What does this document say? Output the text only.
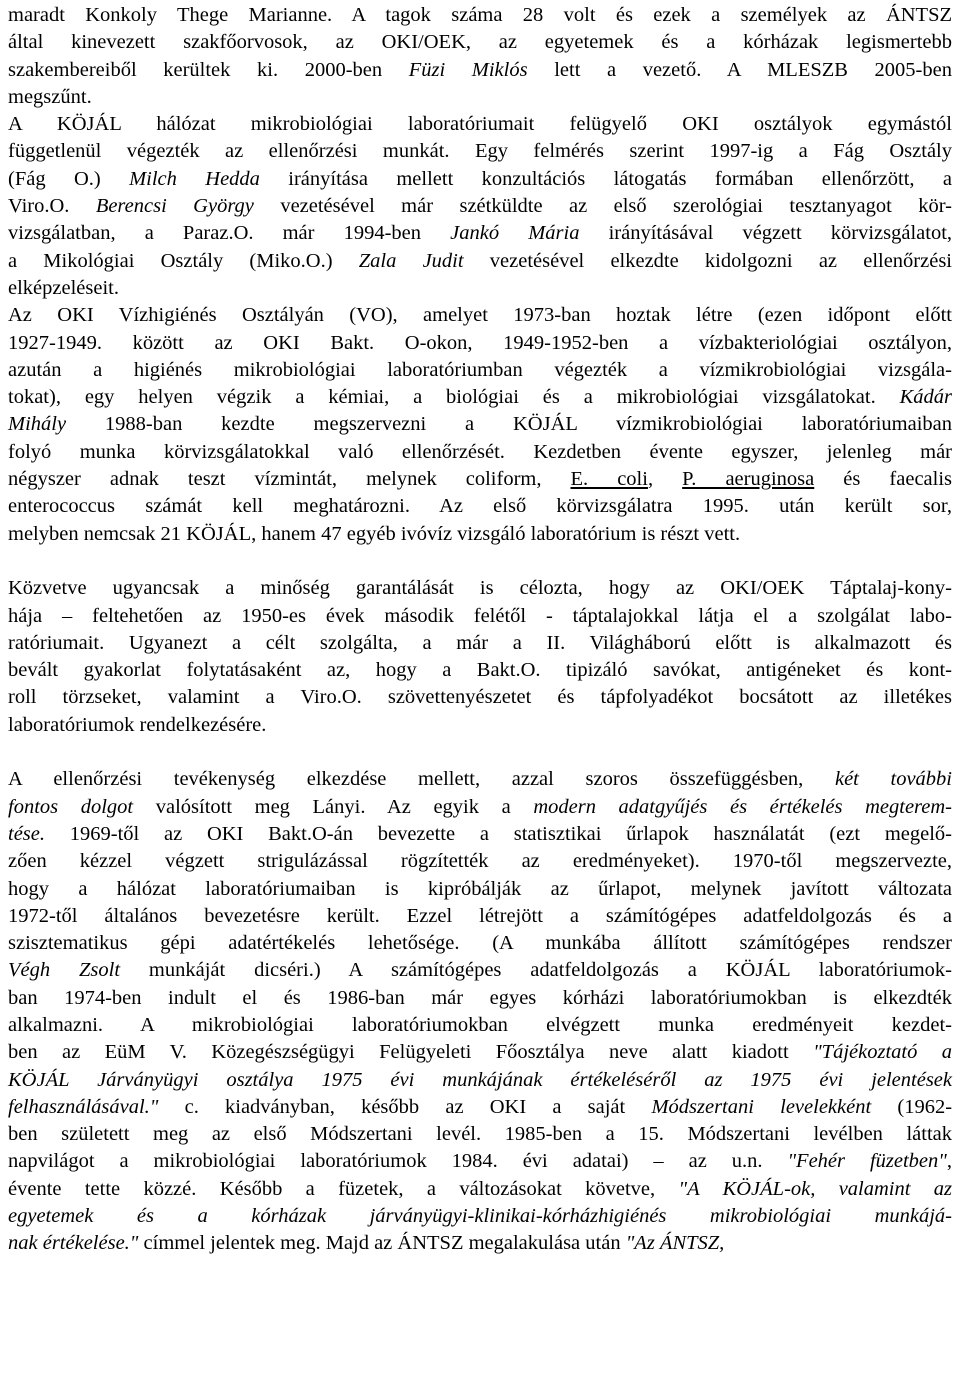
maradt Konkoly Thege Marianne. A tagok száma 28 volt és ezek a személyek az ÁNTSZ
által kinevezett szakfőorvosok, az OKI/OEK, az egyetemek és a kórházak legismertebb
szakembereiből kerültek ki. 2000-ben Füzi Miklós lett a vezető. A MLESZB 2005-ben
megszűnt.
A KÖJÁL hálózat mikrobiológiai laboratóriumait felügyelő OKI osztályok egymástól
függetlenül végezték az ellenőrzési munkát. Egy felmérés szerint 1997-ig a Fág Osztály
(Fág O.) Milch Hedda irányítása mellett konzultációs látogatás formában ellenőrzött, a
Viro.O. Berencsi György vezetésével már szétküldte az első szerológiai tesztanyagot kör-
vizsgálatban, a Paraz.O. már 1994-ben Jankó Mária irányításával végzett körvizsgálatot,
a Mikológiai Osztály (Miko.O.) Zala Judit vezetésével elkezdte kidolgozni az ellenőrzési
elképzeléseit.
Az OKI Vízhigiénés Osztályán (VO), amelyet 1973-ban hoztak létre (ezen időpont előtt
1927-1949. között az OKI Bakt. O-okon, 1949-1952-ben a vízbakteriológiai osztályon,
azután a higiénés mikrobiológiai laboratóriumban végezték a vízmikrobiológiai vizsgála-
tokat), egy helyen végzik a kémiai, a biológiai és a mikrobiológiai vizsgálatokat. Kádár
Mihály 1988-ban kezdte megszervezni a KÖJÁL vízmikrobiológiai laboratóriumaiban
folyó munka körvizsgálatokkal való ellenőrzését. Kezdetben évente egyszer, jelenleg már
négyszer adnak teszt vízmintát, melynek coliform, E. coli, P. aeruginosa és faecalis
enterococcus számát kell meghatározni. Az első körvizsgálatra 1995. után került sor,
melyben nemcsak 21 KÖJÁL, hanem 47 egyéb ivóvíz vizsgáló laboratórium is részt vett.
Közvetve ugyancsak a minőség garantálását is célozta, hogy az OKI/OEK Táptalaj-kony-
hája – feltehetően az 1950-es évek második felétől - táptalajokkal látja el a szolgálat labo-
ratóriumait. Ugyanezt a célt szolgálta, a már a II. Világháború előtt is alkalmazott és
bevált gyakorlat folytatásaként az, hogy a Bakt.O. tipizáló savókat, antigéneket és kont-
roll törzseket, valamint a Viro.O. szövettenyészetet és tápfolyadékot bocsátott az illetékes
laboratóriumok rendelkezésére.
A ellenőrzési tevékenység elkezdése mellett, azzal szoros összefüggésben, két további
fontos dolgot valósított meg Lányi. Az egyik a modern adatgyűjés és értékelés megterem-
tése. 1969-től az OKI Bakt.O-án bevezette a statisztikai űrlapok használatát (ezt megelő-
zően kézzel végzett strigulázással rögzítették az eredményeket). 1970-től megszervezte,
hogy a hálózat laboratóriumaiban is kipróbálják az űrlapot, melynek javított változata
1972-től általános bevezetésre került. Ezzel létrejött a számítógépes adatfeldolgozás és a
szisztematikus gépi adatértékelés lehetősége. (A munkába állított számítógépes rendszer
Végh Zsolt munkáját dicséri.) A számítógépes adatfeldolgozás a KÖJÁL laboratóriumok-
ban 1974-ben indult el és 1986-ban már egyes kórházi laboratóriumokban is elkezdték
alkalmazni. A mikrobiológiai laboratóriumokban elvégzett munka eredményeit kezdet-
ben az EüM V. Közegészségügyi Felügyeleti Főosztálya neve alatt kiadott "Tájékoztató a
KÖJÁL Járványügyi osztálya 1975 évi munkájának értékeléséről az 1975 évi jelentések
felhasználásával." c. kiadványban, később az OKI a saját Módszertani levelekként (1962-
ben született meg az első Módszertani levél. 1985-ben a 15. Módszertani levélben láttak
napvilágot a mikrobiológiai laboratóriumok 1984. évi adatai) – az u.n. "Fehér füzetben",
évente tette közzé. Később a füzetek, a változásokat követve, "A KÖJÁL-ok, valamint az
egyetemek és a kórházak járványügyi-klinikai-kórházhigiénés mikrobiológiai munkájá-
nak értékelése." címmel jelentek meg. Majd az ÁNTSZ megalakulása után "Az ÁNTSZ,
